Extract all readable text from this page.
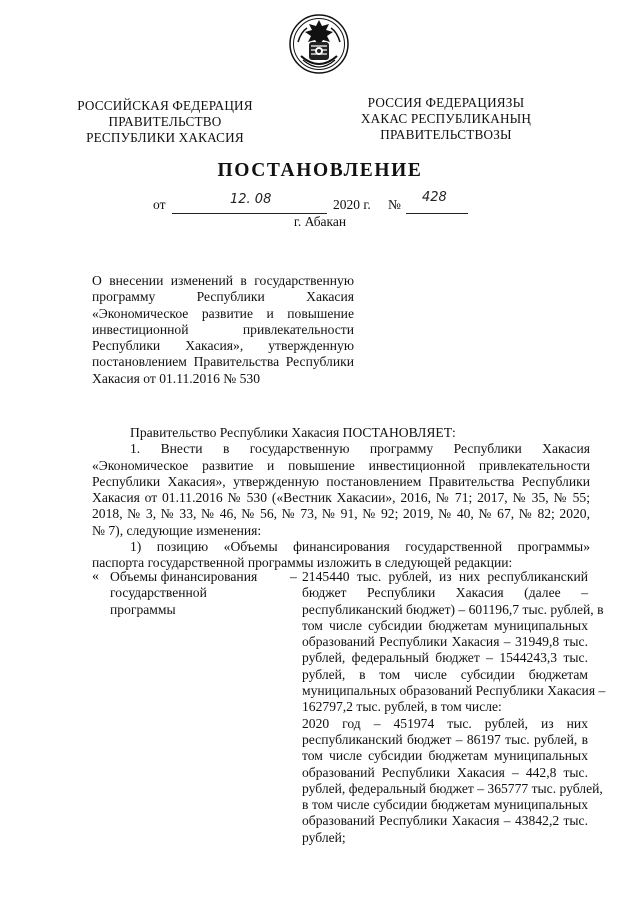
РОССИЙСКАЯ ФЕДЕРАЦИЯ
ПРАВИТЕЛЬСТВО
РЕСПУБЛИКИ ХАКАСИЯ
РОССИЯ ФЕДЕРАЦИЯЗЫ
ХАКАС РЕСПУБЛИКАНЫҢ
ПРАВИТЕЛЬСТВОЗЫ
ПОСТАНОВЛЕНИЕ
от	12. 08	2020 г. № 428
г. Абакан

О внесении изменений в государственную

программу Республики Хакасия

«Экономическое развитие и повышение

инвестиционной привлекательности

Республики Хакасия», утвержденную

постановлением Правительства Республики

Хакасия от 01.11.2016 № 530

Правительство Республики Хакасия ПОСТАНОВЛЯЕТ:

1. Внести в государственную программу Республики Хакасия

«Экономическое развитие и повышение инвестиционной привлекательности

Республики Хакасия», утвержденную постановлением Правительства Республики

Хакасия от 01.11.2016 № 530 («Вестник Хакасии», 2016, № 71; 2017, № 35, № 55;

2018, № 3, № 33, № 46, № 56, № 73, № 91, № 92; 2019, № 40, № 67, № 82; 2020,

№ 7), следующие изменения:

1) позицию «Объемы финансирования государственной программы»

паспорта государственной программы изложить в следующей редакции:

« Объемы финансирования

государственной

программы

– 2145440 тыс. рублей, из них республиканский

бюджет Республики Хакасия (далее –

республиканский бюджет) – 601196,7 тыс. рублей, в

том числе субсидии бюджетам муниципальных

образований Республики Хакасия – 31949,8 тыс.

рублей, федеральный бюджет – 1544243,3 тыс.

рублей, в том числе субсидии бюджетам

муниципальных образований Республики Хакасия –

162797,2 тыс. рублей, в том числе:

2020 год – 451974 тыс. рублей, из них

республиканский бюджет – 86197 тыс. рублей, в

том числе субсидии бюджетам муниципальных

образований Республики Хакасия – 442,8 тыс.

рублей, федеральный бюджет – 365777 тыс. рублей,

в том числе субсидии бюджетам муниципальных

образований Республики Хакасия – 43842,2 тыс.

рублей;
